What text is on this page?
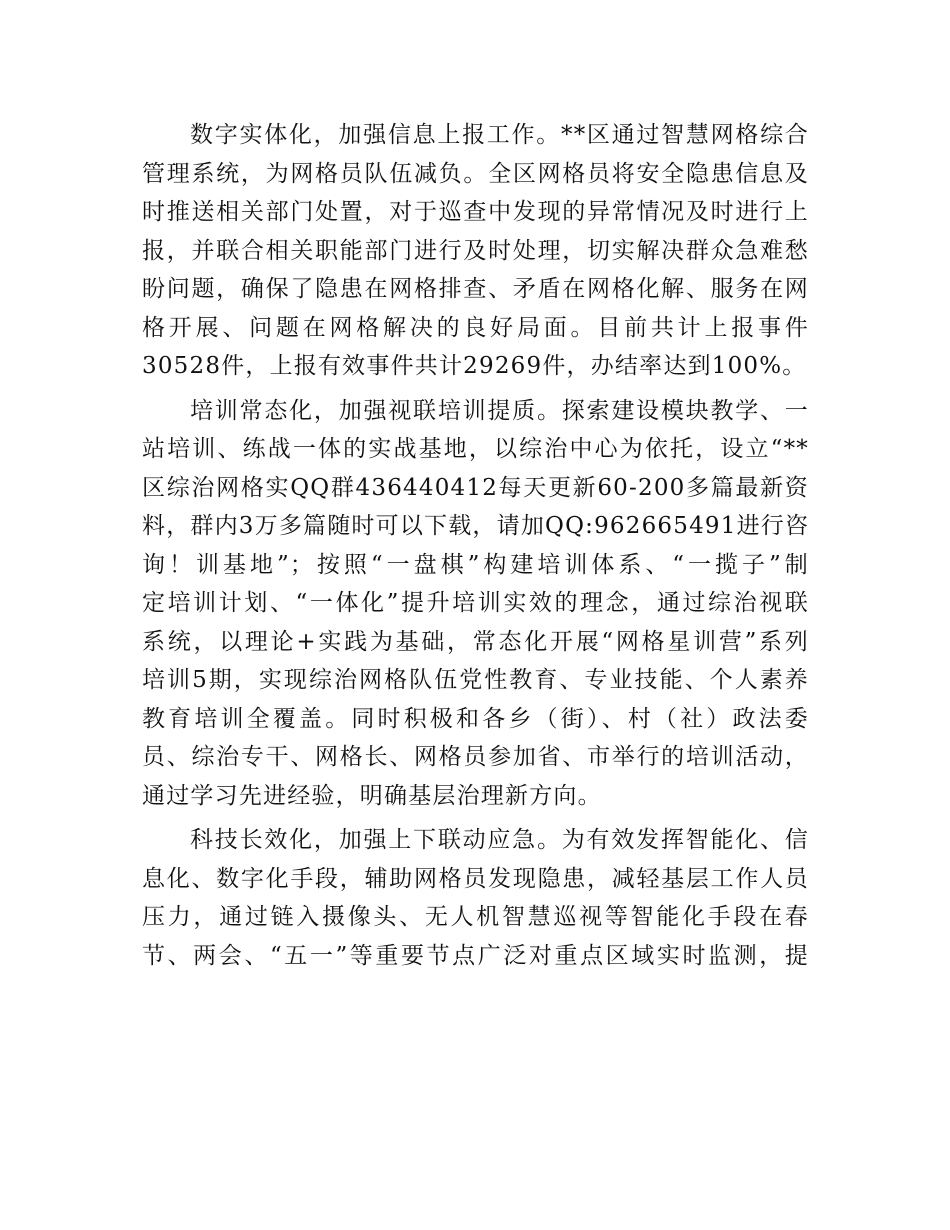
数字实体化，加强信息上报工作。**区通过智慧网格综合
管理系统，为网格员队伍减负。全区网格员将安全隐患信息及
时推送相关部门处置，对于巡查中发现的异常情况及时进行上
报，并联合相关职能部门进行及时处理，切实解决群众急难愁
盼问题，确保了隐患在网格排查、矛盾在网格化解、服务在网
格开展、问题在网格解决的良好局面。目前共计上报事件
30528件，上报有效事件共计29269件，办结率达到100%。
培训常态化，加强视联培训提质。探索建设模块教学、一
站培训、练战一体的实战基地，以综治中心为依托，设立“**
区综治网格实QQ群436440412每天更新60-200多篇最新资
料，群内3万多篇随时可以下载，请加QQ:962665491进行咨
询！训基地”；按照“一盘棋”构建培训体系、“一揽子”制
定培训计划、“一体化”提升培训实效的理念，通过综治视联
系统，以理论+实践为基础，常态化开展“网格星训营”系列
培训5期，实现综治网格队伍党性教育、专业技能、个人素养
教育培训全覆盖。同时积极和各乡（街）、村（社）政法委
员、综治专干、网格长、网格员参加省、市举行的培训活动，
通过学习先进经验，明确基层治理新方向。
科技长效化，加强上下联动应急。为有效发挥智能化、信
息化、数字化手段，辅助网格员发现隐患，减轻基层工作人员
压力，通过链入摄像头、无人机智慧巡视等智能化手段在春
节、两会、“五一”等重要节点广泛对重点区域实时监测，提
